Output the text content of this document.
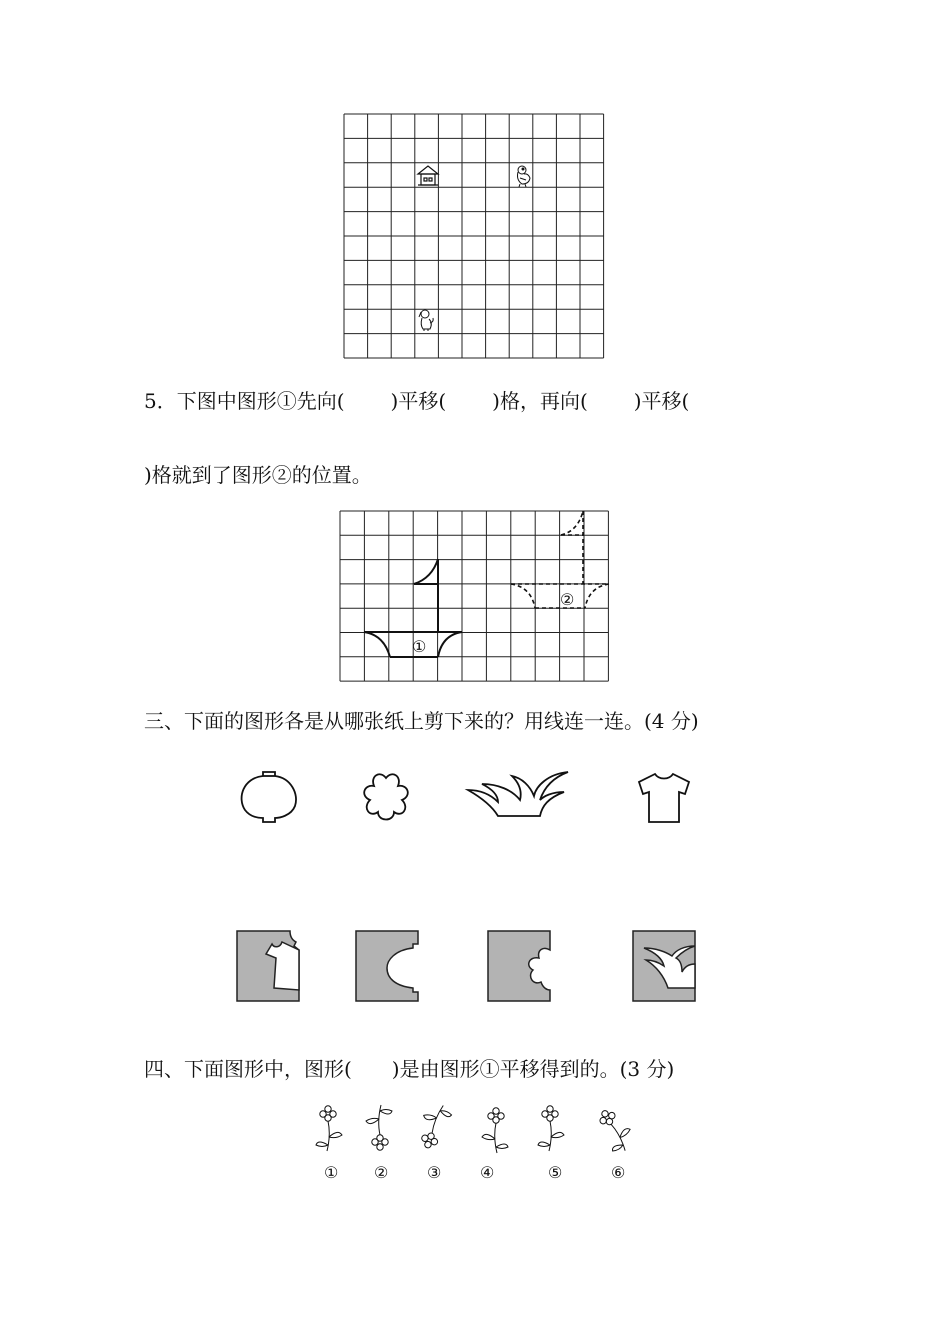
5．下图中图形①先向( )平移( )格，再向( )平移(
)格就到了图形②的位置。
①
②
三、下面的图形各是从哪张纸上剪下来的？用线连一连。(4 分)
四、下面图形中，图形(　　)是由图形①平移得到的。(3 分)
① ② ③ ④	⑤	⑥
